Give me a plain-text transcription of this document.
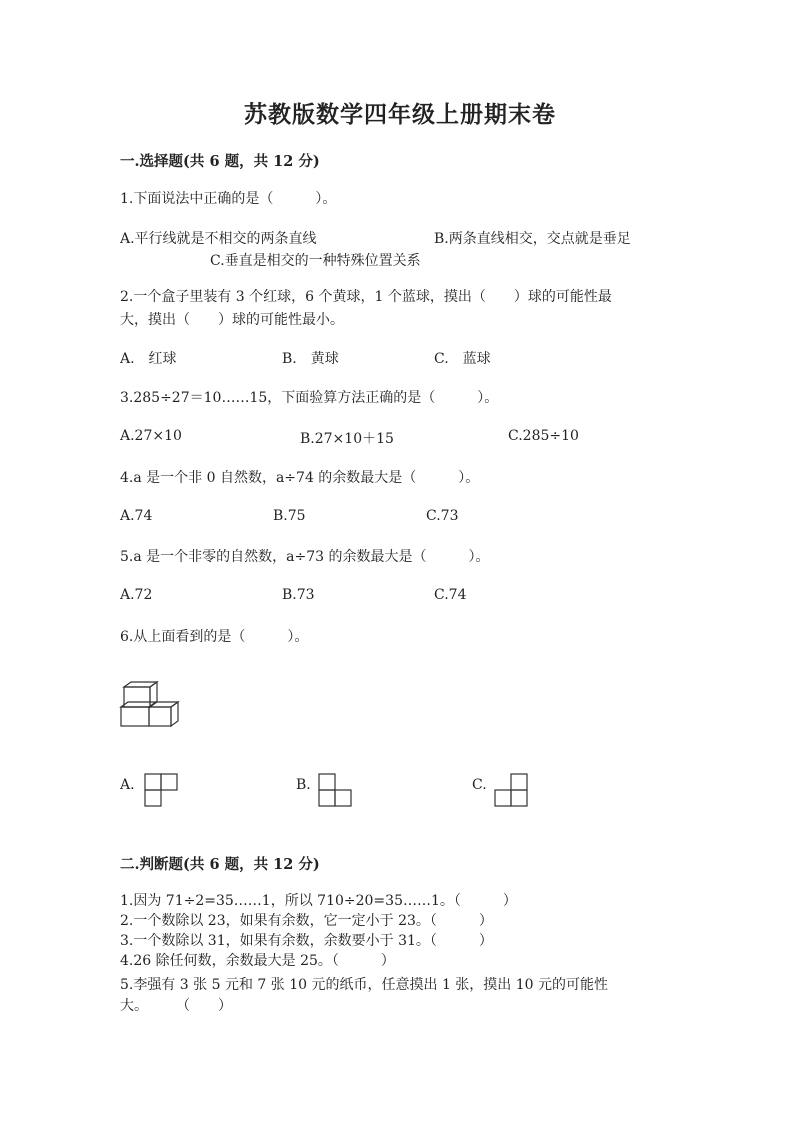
苏教版数学四年级上册期末卷
一.选择题(共 6 题，共 12 分)
1.下面说法中正确的是（　　　）。
A.平行线就是不相交的两条直线	B.两条直线相交，交点就是垂足
C.垂直是相交的一种特殊位置关系
2.一个盒子里装有 3 个红球，6 个黄球，1 个蓝球，摸出（　　）球的可能性最
大，摸出（　　）球的可能性最小。
A.　红球	B.　黄球	C.　蓝球
3.285÷27＝10……15，下面验算方法正确的是（　　　）。
A.27×10	B.27×10＋15	C.285÷10
4.a 是一个非 0 自然数，a÷74 的余数最大是（　　　）。
A.74	B.75	C.73
5.a 是一个非零的自然数，a÷73 的余数最大是（　　　）。
A.72	B.73	C.74
6.从上面看到的是（　　　）。
A.	B.	C.
二.判断题(共 6 题，共 12 分)
1.因为 71÷2=35……1，所以 710÷20=35……1。（　　　）
2.一个数除以 23，如果有余数，它一定小于 23。（　　　）
3.一个数除以 31，如果有余数，余数要小于 31。（　　　）
4.26 除任何数，余数最大是 25。（　　　）
5.李强有 3 张 5 元和 7 张 10 元的纸币，任意摸出 1 张，摸出 10 元的可能性
大。　　　（　　）
